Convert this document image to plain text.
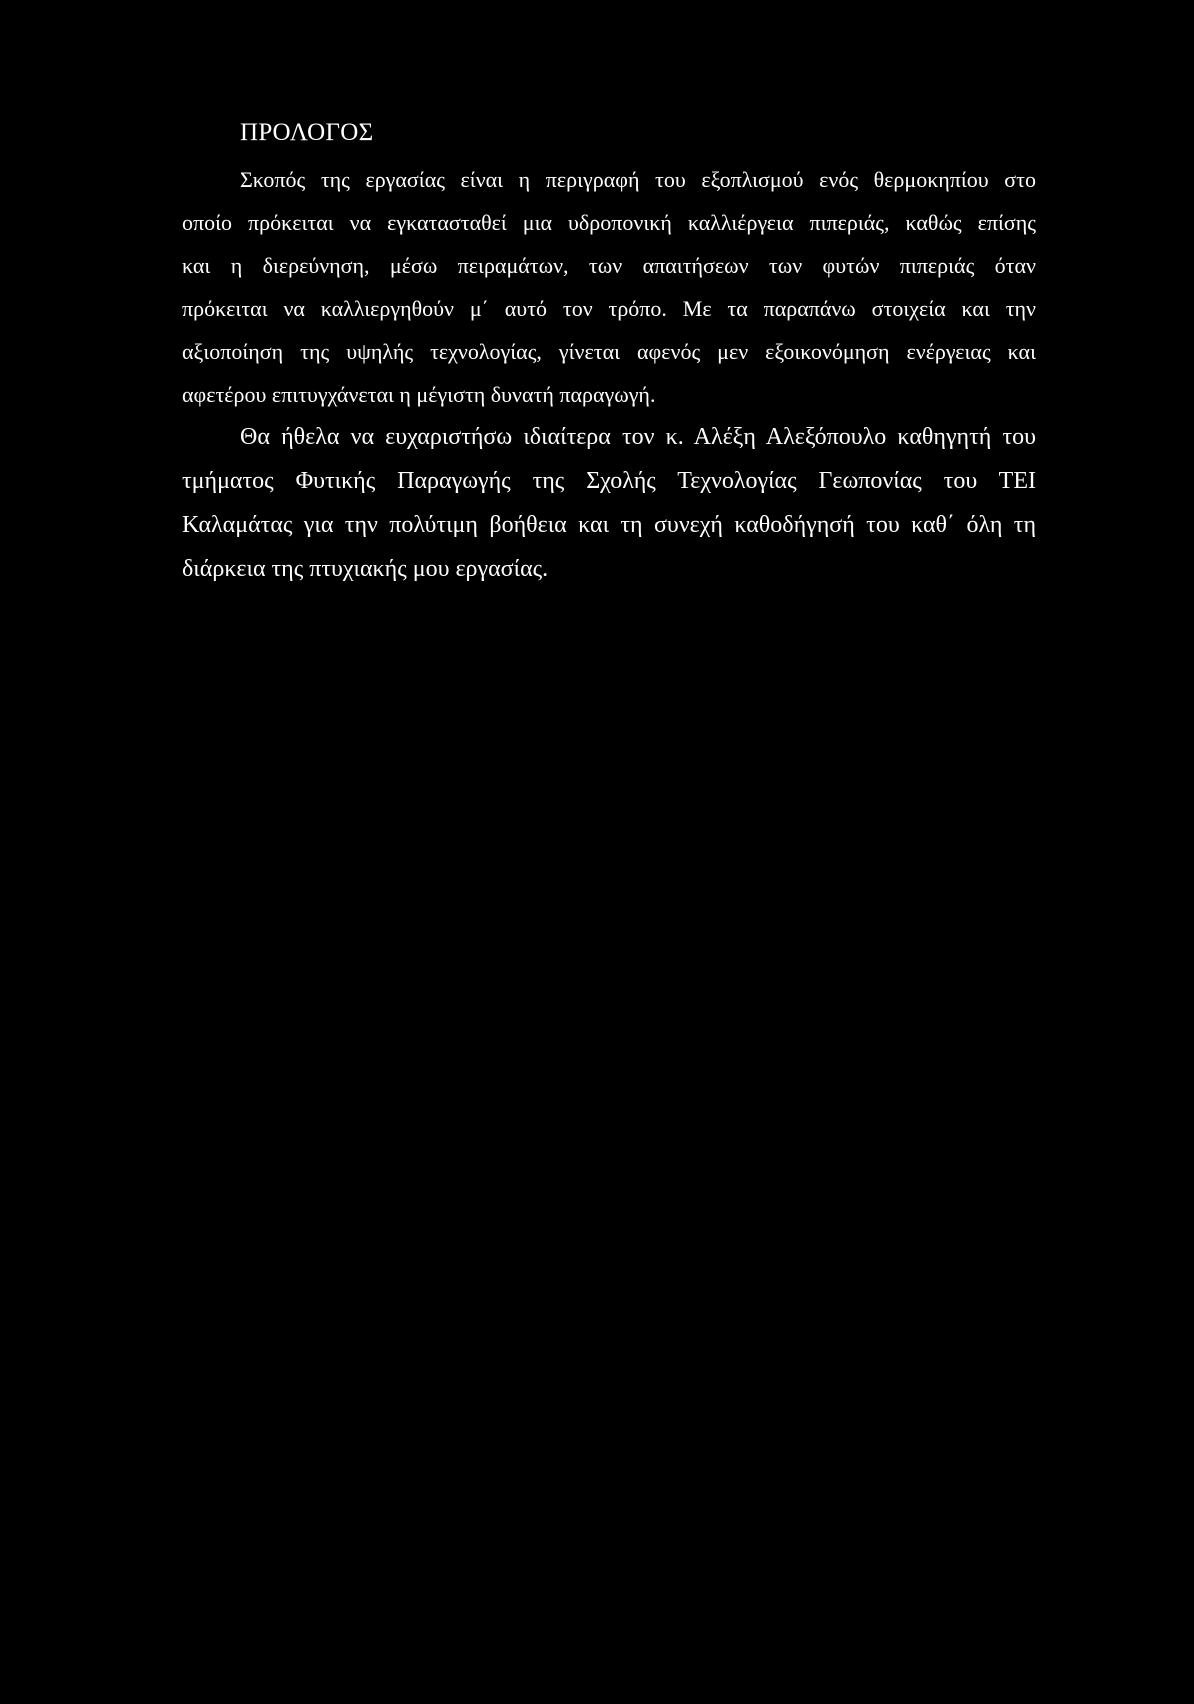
ΠΡΟΛΟΓΟΣ
Σκοπός της εργασίας είναι η περιγραφή του εξοπλισμού ενός θερμοκηπίου στο
οποίο πρόκειται να εγκατασταθεί μια υδροπονική καλλιέργεια πιπεριάς, καθώς επίσης
και η διερεύνηση, μέσω πειραμάτων, των απαιτήσεων των φυτών πιπεριάς όταν
πρόκειται να καλλιεργηθούν μ΄ αυτό τον τρόπο. Με τα παραπάνω στοιχεία και την
αξιοποίηση της υψηλής τεχνολογίας, γίνεται αφενός μεν εξοικονόμηση ενέργειας και
αφετέρου επιτυγχάνεται η μέγιστη δυνατή παραγωγή.
Θα ήθελα να ευχαριστήσω ιδιαίτερα τον κ. Αλέξη Αλεξόπουλο καθηγητή του
τμήματος Φυτικής Παραγωγής της Σχολής Τεχνολογίας Γεωπονίας του ΤΕΙ
Καλαμάτας για την πολύτιμη βοήθεια και τη συνεχή καθοδήγησή του καθ΄ όλη τη
διάρκεια της πτυχιακής μου εργασίας.
